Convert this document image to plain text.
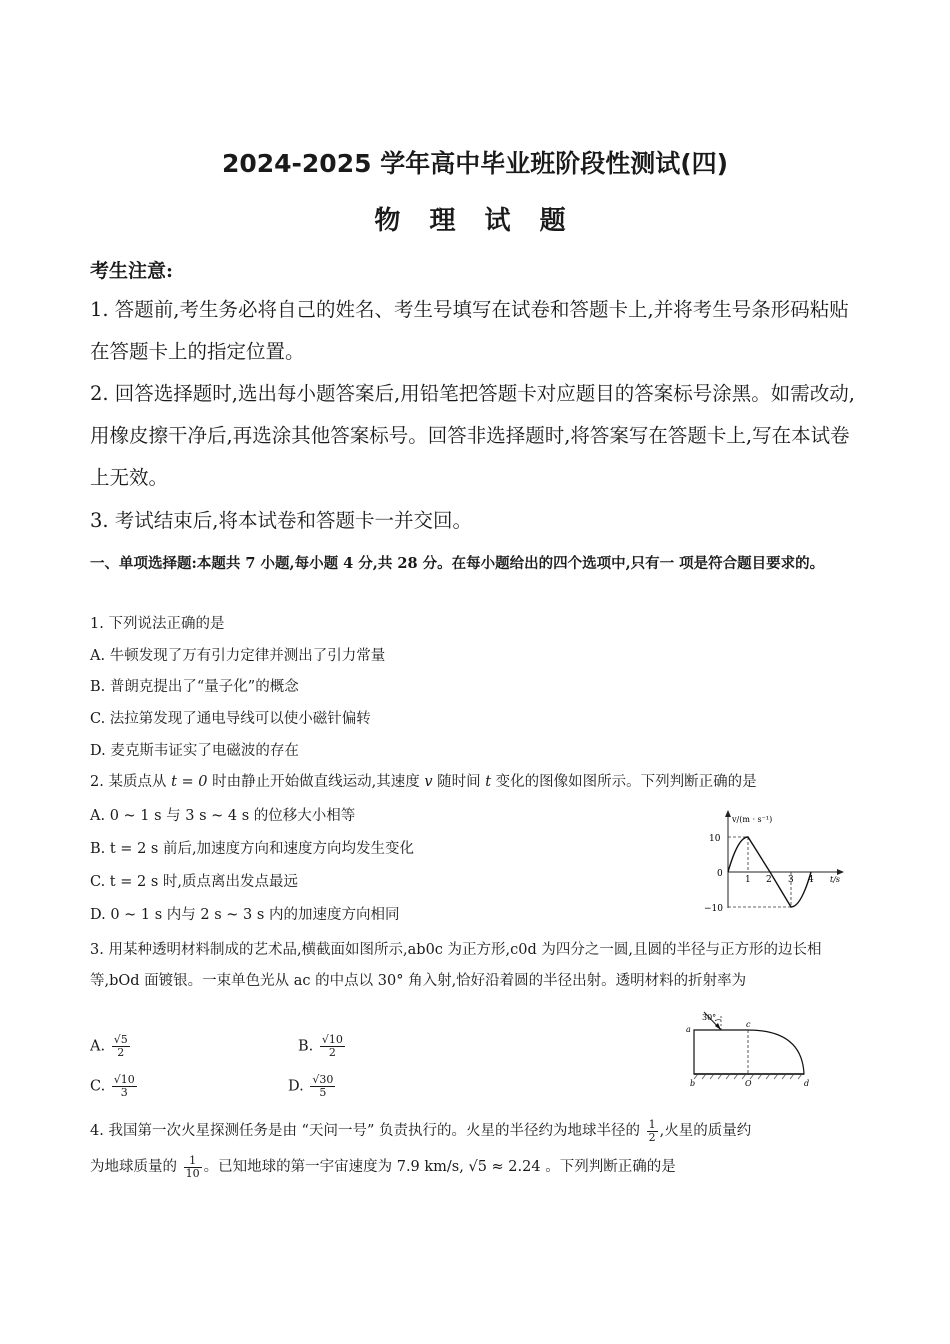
2024-2025 学年高中毕业班阶段性测试(四)
物 理 试 题
考生注意:
1. 答题前,考生务必将自己的姓名、考生号填写在试卷和答题卡上,并将考生号条形码粘贴在答题卡上的指定位置。
2. 回答选择题时,选出每小题答案后,用铅笔把答题卡对应题目的答案标号涂黑。如需改动,用橡皮擦干净后,再选涂其他答案标号。回答非选择题时,将答案写在答题卡上,写在本试卷上无效。
3. 考试结束后,将本试卷和答题卡一并交回。
一、单项选择题:本题共 7 小题,每小题 4 分,共 28 分。在每小题给出的四个选项中,只有一 项是符合题目要求的。
1. 下列说法正确的是
A. 牛顿发现了万有引力定律并测出了引力常量
B. 普朗克提出了“量子化”的概念
C. 法拉第发现了通电导线可以使小磁针偏转
D. 麦克斯韦证实了电磁波的存在
2. 某质点从 t = 0 时由静止开始做直线运动,其速度 v 随时间 t 变化的图像如图所示。下列判断正确的是
A. 0 ~ 1 s 与 3 s ~ 4 s 的位移大小相等
B. t = 2 s 前后,加速度方向和速度方向均发生变化
C. t = 2 s 时,质点离出发点最远
D. 0 ~ 1 s 内与 2 s ~ 3 s 内的加速度方向相同
v/(m · s⁻¹)
t/s
10
0
−10
1 2 3 4
3. 用某种透明材料制成的艺术品,横截面如图所示,ab0c 为正方形,c0d 为四分之一圆,且圆的半径与正方形的边长相等,bOd 面镀银。一束单色光从 ac 的中点以 30° 角入射,恰好沿着圆的半径出射。透明材料的折射率为
A. $\frac{√5}{2}$	B. $\frac{√10}{2}$
C. $\frac{√10}{3}$	D. $\frac{√30}{5}$
30°
a
c
b	O	d
4. 我国第一次火星探测任务是由 “天问一号” 负责执行的。火星的半径约为地球半径的 $\frac{1}{2}$ ,火星的质量约
为地球质量的 $\frac{1}{10}$ 。已知地球的第一宇宙速度为 7.9 km/s, √5 ≈ 2.24 。下列判断正确的是
